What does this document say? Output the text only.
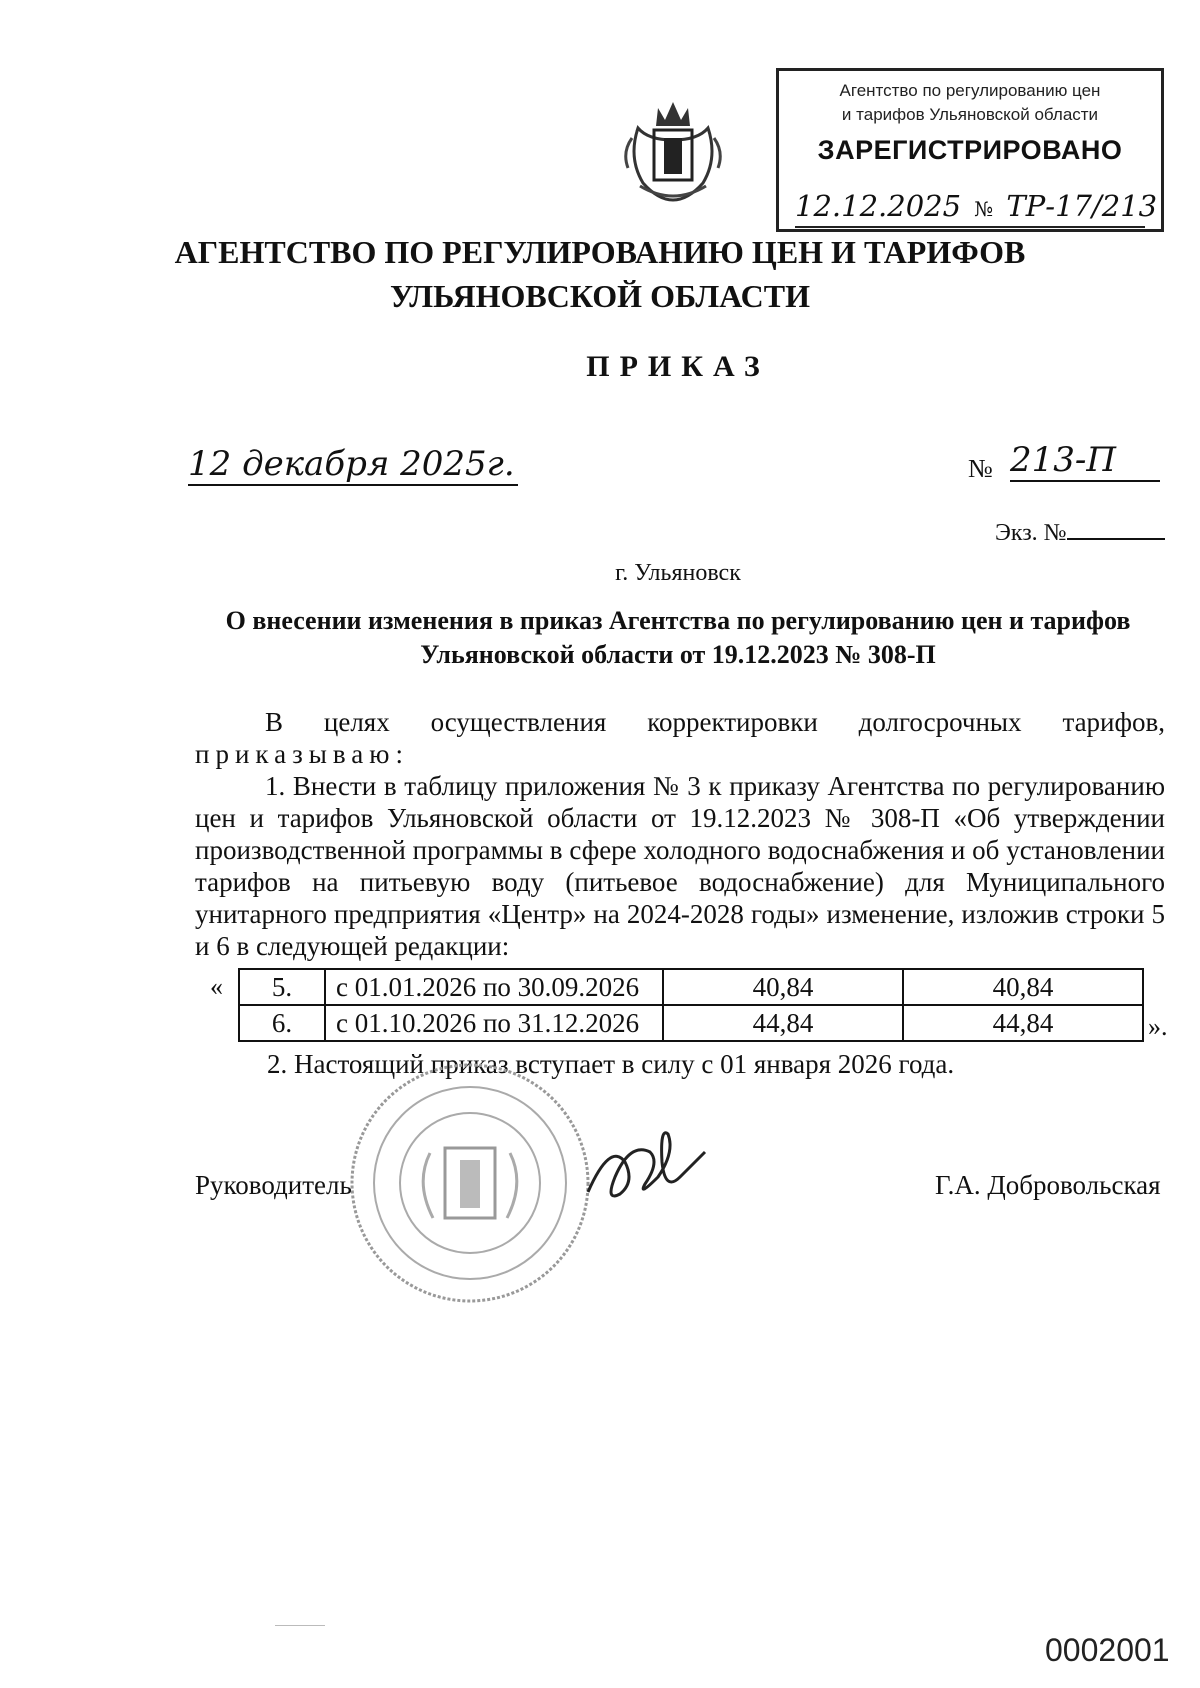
Агентство по регулированию цен
и тарифов Ульяновской области
ЗАРЕГИСТРИРОВАНО
12.12.2025 № ТР-17/213
АГЕНТСТВО ПО РЕГУЛИРОВАНИЮ ЦЕН И ТАРИФОВ УЛЬЯНОВСКОЙ ОБЛАСТИ
ПРИКАЗ
12 декабря 2025г.	№ 213-П
Экз. №
г. Ульяновск
О внесении изменения в приказ Агентства по регулированию цен и тарифов Ульяновской области от 19.12.2023 № 308-П
В целях осуществления корректировки долгосрочных тарифов,
приказываю:
1. Внести в таблицу приложения № 3 к приказу Агентства по регулированию цен и тарифов Ульяновской области от 19.12.2023 № 308-П «Об утверждении производственной программы в сфере холодного водоснабжения и об установлении тарифов на питьевую воду (питьевое водоснабжение) для Муниципального унитарного предприятия «Центр» на 2024-2028 годы» изменение, изложив строки 5 и 6 в следующей редакции:
« 5.	с 01.01.2026 по 30.09.2026	40,84	40,84
6.	с 01.10.2026 по 31.12.2026	44,84	44,84	».
2. Настоящий приказ вступает в силу с 01 января 2026 года.
Руководитель	Г.А. Добровольская
0002001
